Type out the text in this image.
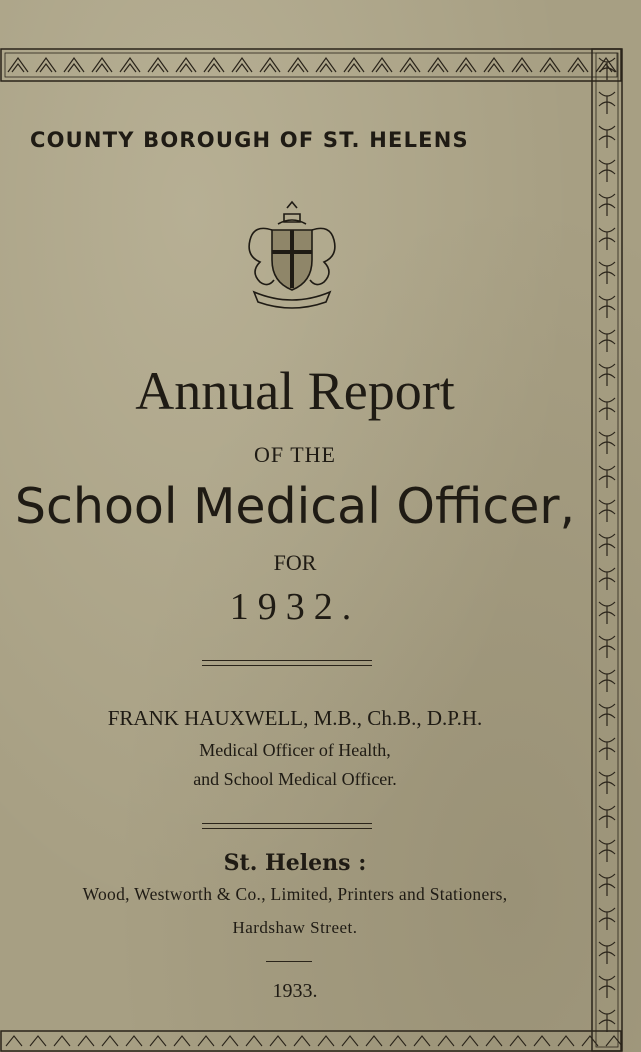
COUNTY BOROUGH OF ST. HELENS

Annual Report

OF THE

School Medical Officer,

FOR

1932.

FRANK HAUXWELL, M.B., Ch.B., D.P.H.

Medical Officer of Health,

and School Medical Officer.

St. Helens :

Wood, Westworth & Co., Limited, Printers and Stationers,

Hardshaw Street.

1933.
